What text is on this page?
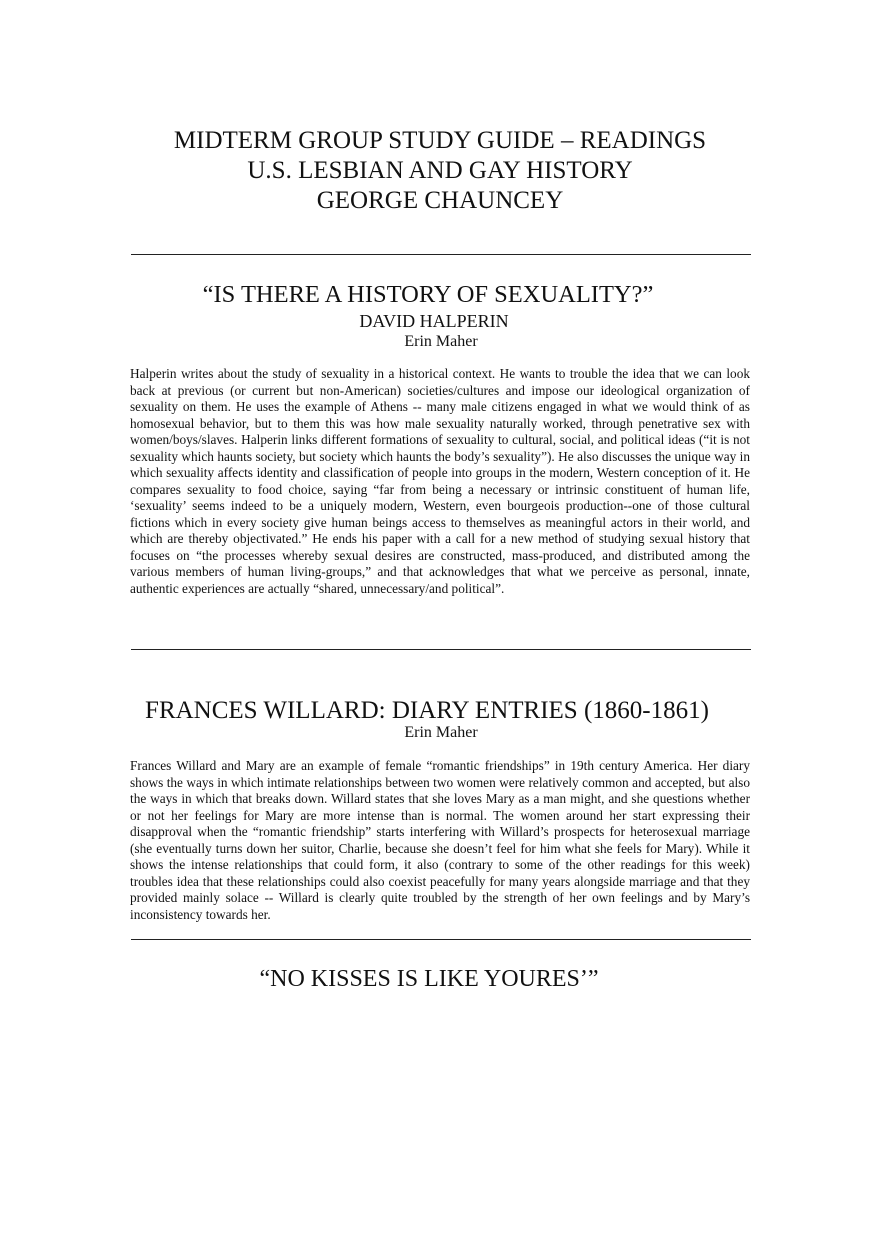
MIDTERM GROUP STUDY GUIDE – READINGS
U.S. LESBIAN AND GAY HISTORY
GEORGE CHAUNCEY
“IS THERE A HISTORY OF SEXUALITY?”
DAVID HALPERIN
Erin Maher
Halperin writes about the study of sexuality in a historical context. He wants to trouble the idea that we can look back at previous (or current but non-American) societies/cultures and impose our ideological organization of sexuality on them. He uses the example of Athens -- many male citizens engaged in what we would think of as homosexual behavior, but to them this was how male sexuality naturally worked, through penetrative sex with women/boys/slaves. Halperin links different formations of sexuality to cultural, social, and political ideas (“it is not sexuality which haunts society, but society which haunts the body’s sexuality”). He also discusses the unique way in which sexuality affects identity and classification of people into groups in the modern, Western conception of it. He compares sexuality to food choice, saying “far from being a necessary or intrinsic constituent of human life, ‘sexuality’ seems indeed to be a uniquely modern, Western, even bourgeois production--one of those cultural fictions which in every society give human beings access to themselves as meaningful actors in their world, and which are thereby objectivated.” He ends his paper with a call for a new method of studying sexual history that focuses on “the processes whereby sexual desires are constructed, mass-produced, and distributed among the various members of human living-groups,” and that acknowledges that what we perceive as personal, innate, authentic experiences are actually “shared, unnecessary/and political”.
FRANCES WILLARD: DIARY ENTRIES (1860-1861)
Erin Maher
Frances Willard and Mary are an example of female “romantic friendships” in 19th century America. Her diary shows the ways in which intimate relationships between two women were relatively common and accepted, but also the ways in which that breaks down. Willard states that she loves Mary as a man might, and she questions whether or not her feelings for Mary are more intense than is normal. The women around her start expressing their disapproval when the “romantic friendship” starts interfering with Willard’s prospects for heterosexual marriage (she eventually turns down her suitor, Charlie, because she doesn’t feel for him what she feels for Mary). While it shows the intense relationships that could form, it also (contrary to some of the other readings for this week) troubles idea that these relationships could also coexist peacefully for many years alongside marriage and that they provided mainly solace -- Willard is clearly quite troubled by the strength of her own feelings and by Mary’s inconsistency towards her.
“NO KISSES IS LIKE YOURES’”
